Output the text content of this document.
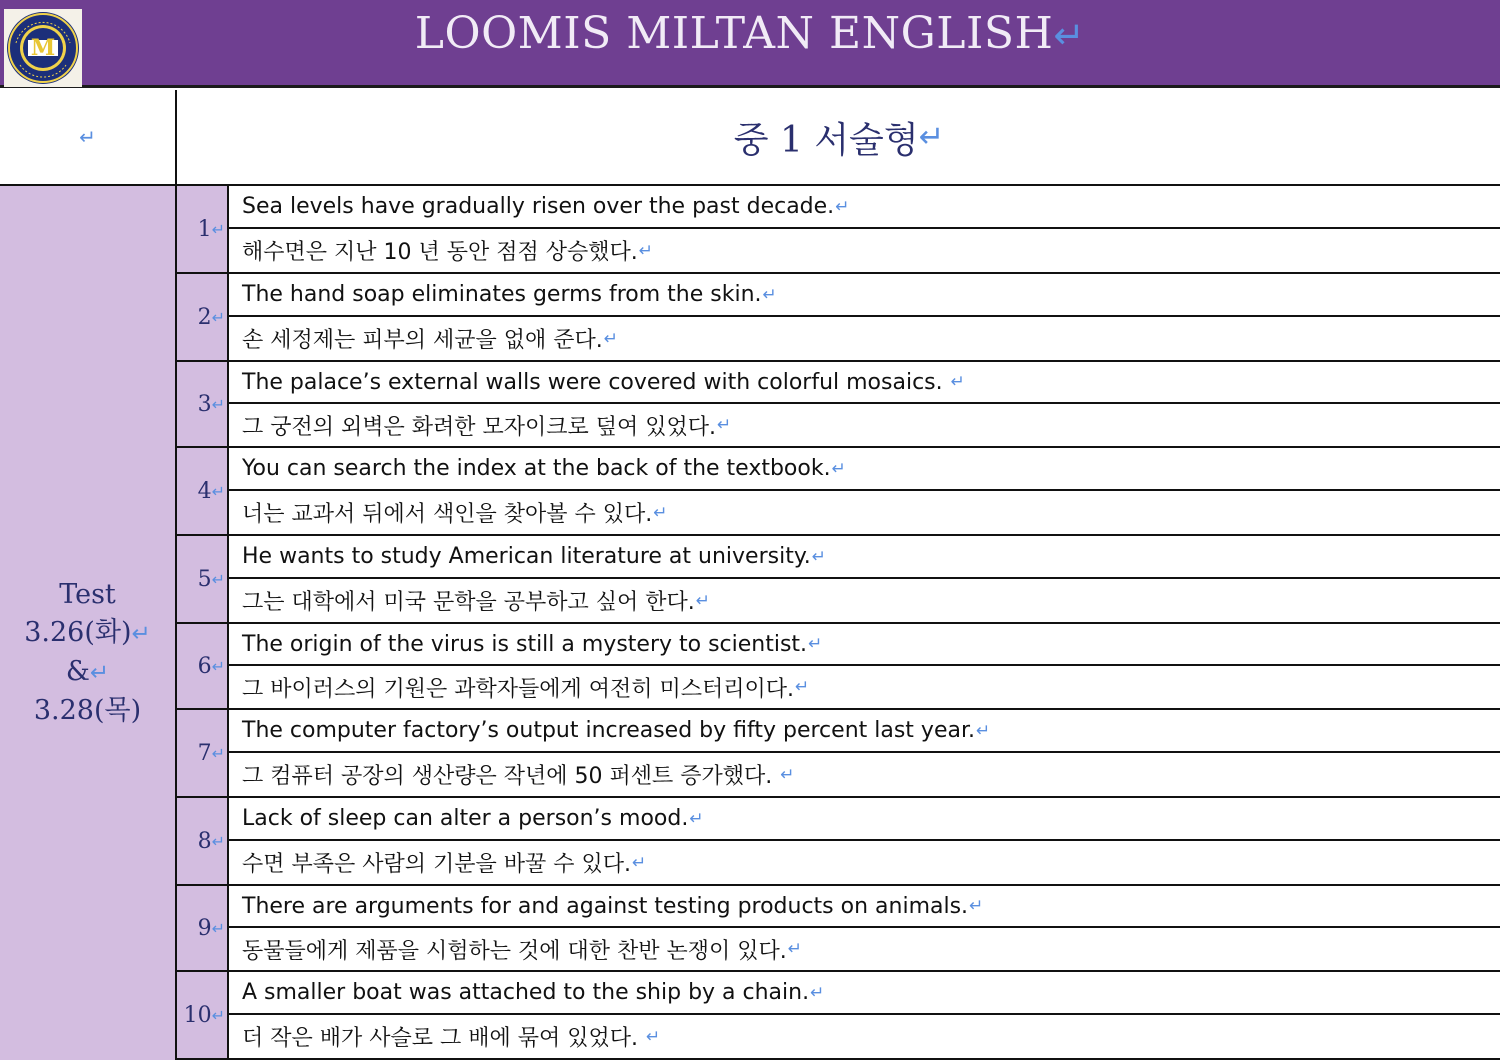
M	LOOMIS MILTAN ENGLISH↵
↵	중 1 서술형 ↵
Test
3.26(화)↵
&↵
3.28(목)
1 ↵
Sea levels have gradually risen over the past decade. ↵
해수면은 지난 10 년 동안 점점 상승했다. ↵
2 ↵
The hand soap eliminates germs from the skin. ↵
손 세정제는 피부의 세균을 없애 준다. ↵
3 ↵
The palace’s external walls were covered with colorful mosaics. ↵
그 궁전의 외벽은 화려한 모자이크로 덮여 있었다. ↵
4 ↵
You can search the index at the back of the textbook. ↵
너는 교과서 뒤에서 색인을 찾아볼 수 있다. ↵
5 ↵
He wants to study American literature at university. ↵
그는 대학에서 미국 문학을 공부하고 싶어 한다. ↵
6 ↵
The origin of the virus is still a mystery to scientist. ↵
그 바이러스의 기원은 과학자들에게 여전히 미스터리이다. ↵
7 ↵
The computer factory’s output increased by fifty percent last year. ↵
그 컴퓨터 공장의 생산량은 작년에 50 퍼센트 증가했다. ↵
8 ↵
Lack of sleep can alter a person’s mood. ↵
수면 부족은 사람의 기분을 바꿀 수 있다. ↵
9 ↵
There are arguments for and against testing products on animals. ↵
동물들에게 제품을 시험하는 것에 대한 찬반 논쟁이 있다. ↵
10 ↵
A smaller boat was attached to the ship by a chain. ↵
더 작은 배가 사슬로 그 배에 묶여 있었다. ↵
